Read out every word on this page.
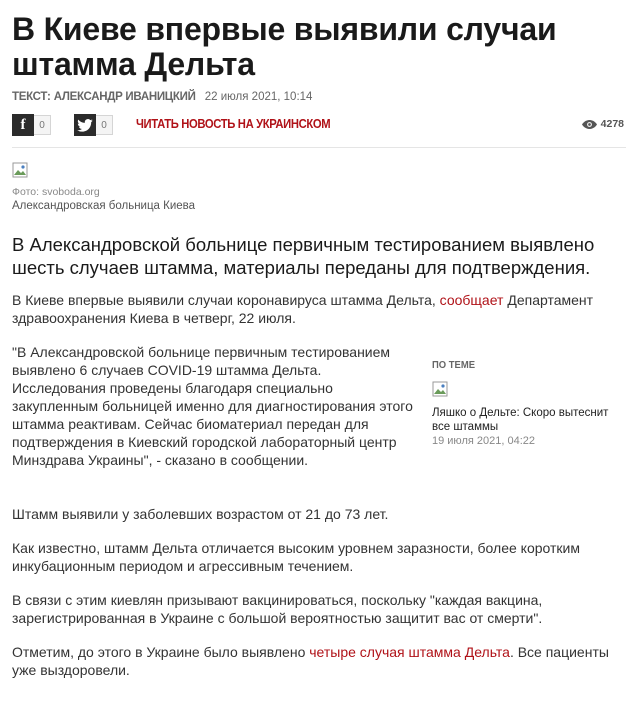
В Киеве впервые выявили случаи штамма Дельта
ТЕКСТ: АЛЕКСАНДР ИВАНИЦКИЙ 22 июля 2021, 10:14
f	0	0	ЧИТАТЬ НОВОСТЬ НА УКРАИНСКОМ	4278
Фото: svoboda.org
Александровская больница Киева

В Александровской больнице первичным тестированием выявлено шесть случаев штамма, материалы переданы для подтверждения.

В Киеве впервые выявили случаи коронавируса штамма Дельта, сообщает Департамент здравоохранения Киева в четверг, 22 июля.

"В Александровской больнице первичным тестированием выявлено 6 случаев COVID-19 штамма Дельта. Исследования проведены благодаря специально закупленным больницей именно для диагностирования этого штамма реактивам. Сейчас биоматериал передан для подтверждения в Киевский городской лабораторный центр Минздрава Украины", - сказано в сообщении.

ПО ТЕМЕ
Ляшко о Дельте: Скоро вытеснит все штаммы
19 июля 2021, 04:22

Штамм выявили у заболевших возрастом от 21 до 73 лет.

Как известно, штамм Дельта отличается высоким уровнем заразности, более коротким инкубационным периодом и агрессивным течением.

В связи с этим киевлян призывают вакцинироваться, поскольку "каждая вакцина, зарегистрированная в Украине с большой вероятностью защитит вас от смерти".

Отметим, до этого в Украине было выявлено четыре случая штамма Дельта. Все пациенты уже выздоровели.
